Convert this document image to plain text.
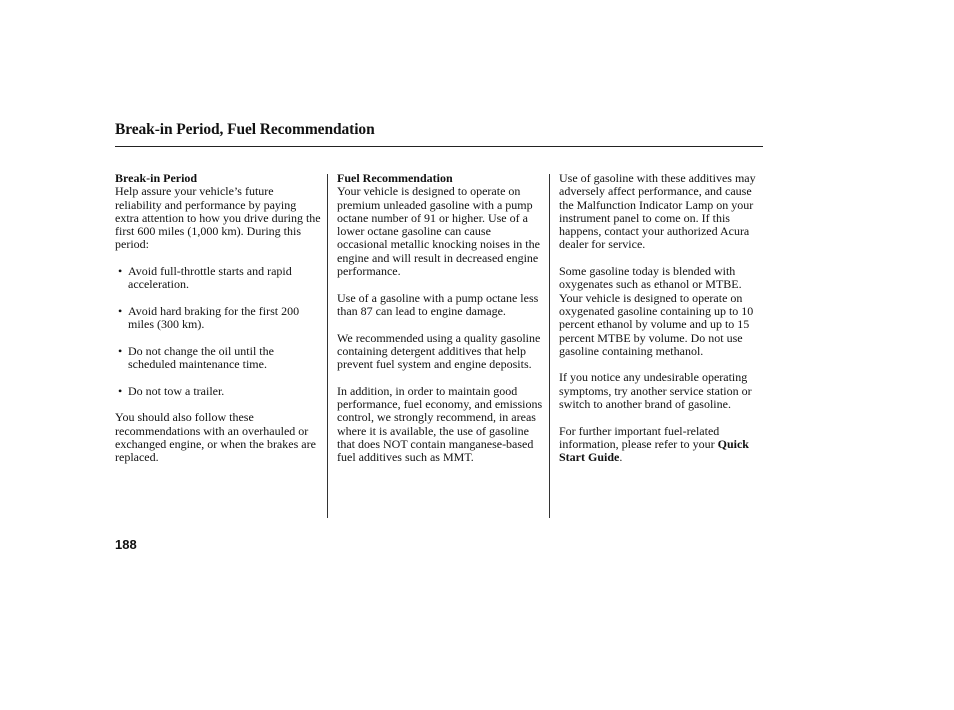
Break-in Period, Fuel Recommendation
Break-in Period

Help assure your vehicle’s future reliability and performance by paying extra attention to how you drive during the first 600 miles (1,000 km). During this period:

• Avoid full-throttle starts and rapid acceleration.
• Avoid hard braking for the first 200 miles (300 km).
• Do not change the oil until the scheduled maintenance time.
• Do not tow a trailer.

You should also follow these recommendations with an overhauled or exchanged engine, or when the brakes are replaced.

Fuel Recommendation

Your vehicle is designed to operate on premium unleaded gasoline with a pump octane number of 91 or higher. Use of a lower octane gasoline can cause occasional metallic knocking noises in the engine and will result in decreased engine performance.

Use of a gasoline with a pump octane less than 87 can lead to engine damage.

We recommended using a quality gasoline containing detergent additives that help prevent fuel system and engine deposits.

In addition, in order to maintain good performance, fuel economy, and emissions control, we strongly recommend, in areas where it is available, the use of gasoline that does NOT contain manganese-based fuel additives such as MMT.

Use of gasoline with these additives may adversely affect performance, and cause the Malfunction Indicator Lamp on your instrument panel to come on. If this happens, contact your authorized Acura dealer for service.

Some gasoline today is blended with oxygenates such as ethanol or MTBE. Your vehicle is designed to operate on oxygenated gasoline containing up to 10 percent ethanol by volume and up to 15 percent MTBE by volume. Do not use gasoline containing methanol.

If you notice any undesirable operating symptoms, try another service station or switch to another brand of gasoline.

For further important fuel-related information, please refer to your Quick Start Guide.

188
